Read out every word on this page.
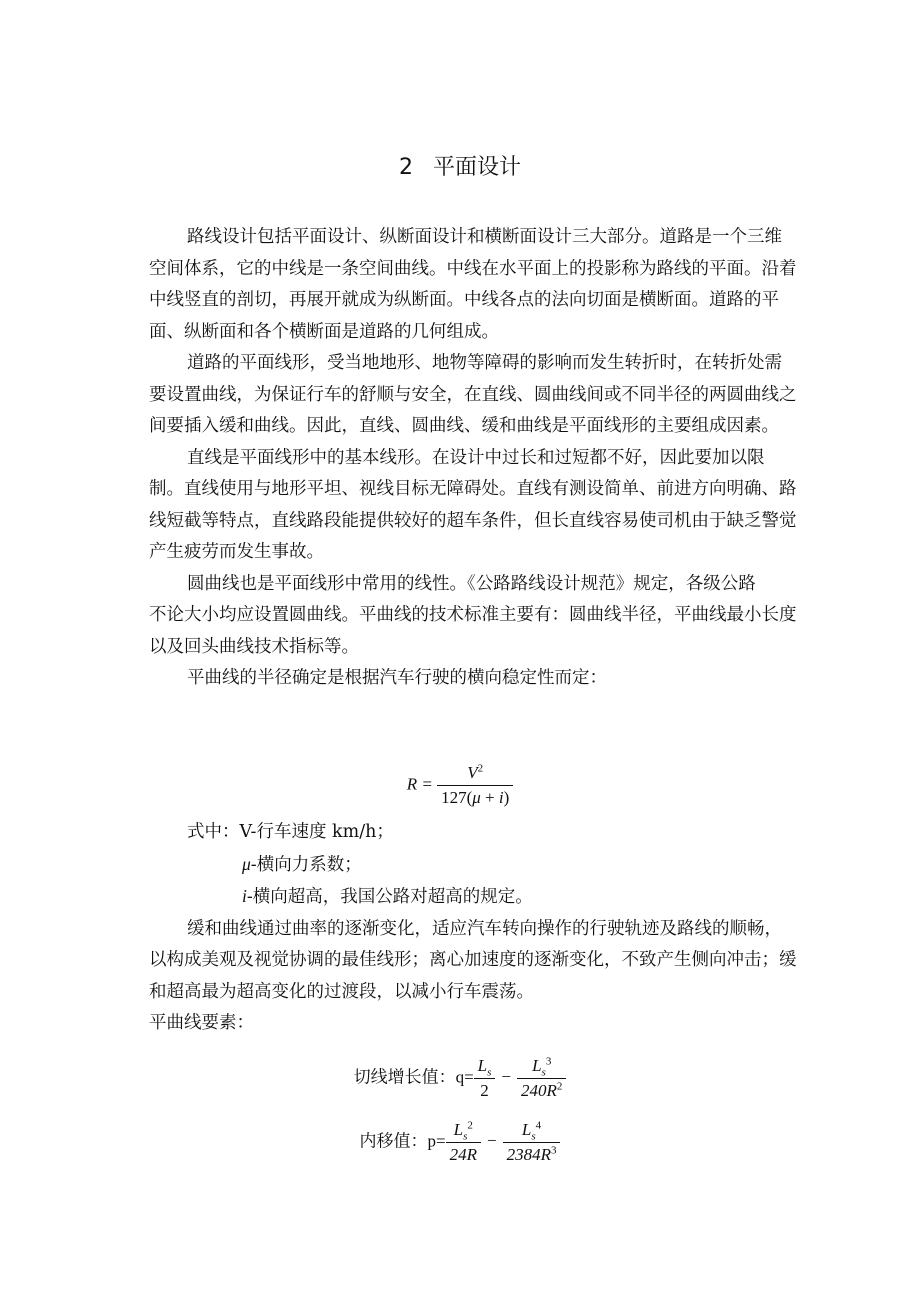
2 平面设计

路线设计包括平面设计、纵断面设计和横断面设计三大部分。道路是一个三维空间体系，它的中线是一条空间曲线。中线在水平面上的投影称为路线的平面。沿着中线竖直的剖切，再展开就成为纵断面。中线各点的法向切面是横断面。道路的平面、纵断面和各个横断面是道路的几何组成。

道路的平面线形，受当地地形、地物等障碍的影响而发生转折时，在转折处需要设置曲线，为保证行车的舒顺与安全，在直线、圆曲线间或不同半径的两圆曲线之间要插入缓和曲线。因此，直线、圆曲线、缓和曲线是平面线形的主要组成因素。

直线是平面线形中的基本线形。在设计中过长和过短都不好，因此要加以限制。直线使用与地形平坦、视线目标无障碍处。直线有测设简单、前进方向明确、路线短截等特点，直线路段能提供较好的超车条件，但长直线容易使司机由于缺乏警觉产生疲劳而发生事故。

圆曲线也是平面线形中常用的线性。《公路路线设计规范》规定，各级公路

不论大小均应设置圆曲线。平曲线的技术标准主要有：圆曲线半径，平曲线最小长度以及回头曲线技术指标等。

平曲线的半径确定是根据汽车行驶的横向稳定性而定：

$R = \frac{V^2}{127(\mu + i)}$

式中：V-行车速度 km/h；

μ-横向力系数；

i-横向超高，我国公路对超高的规定。

缓和曲线通过曲率的逐渐变化，适应汽车转向操作的行驶轨迹及路线的顺畅，以构成美观及视觉协调的最佳线形；离心加速度的逐渐变化，不致产生侧向冲击；缓和超高最为超高变化的过渡段，以减小行车震荡。

平曲线要素：

切线增长值：$q= \frac{L_s}{2} - \frac{L_s^3}{240R^2}$
内移值：$p= \frac{L_s^2}{24R} - \frac{L_s^4}{2384R^3}$
